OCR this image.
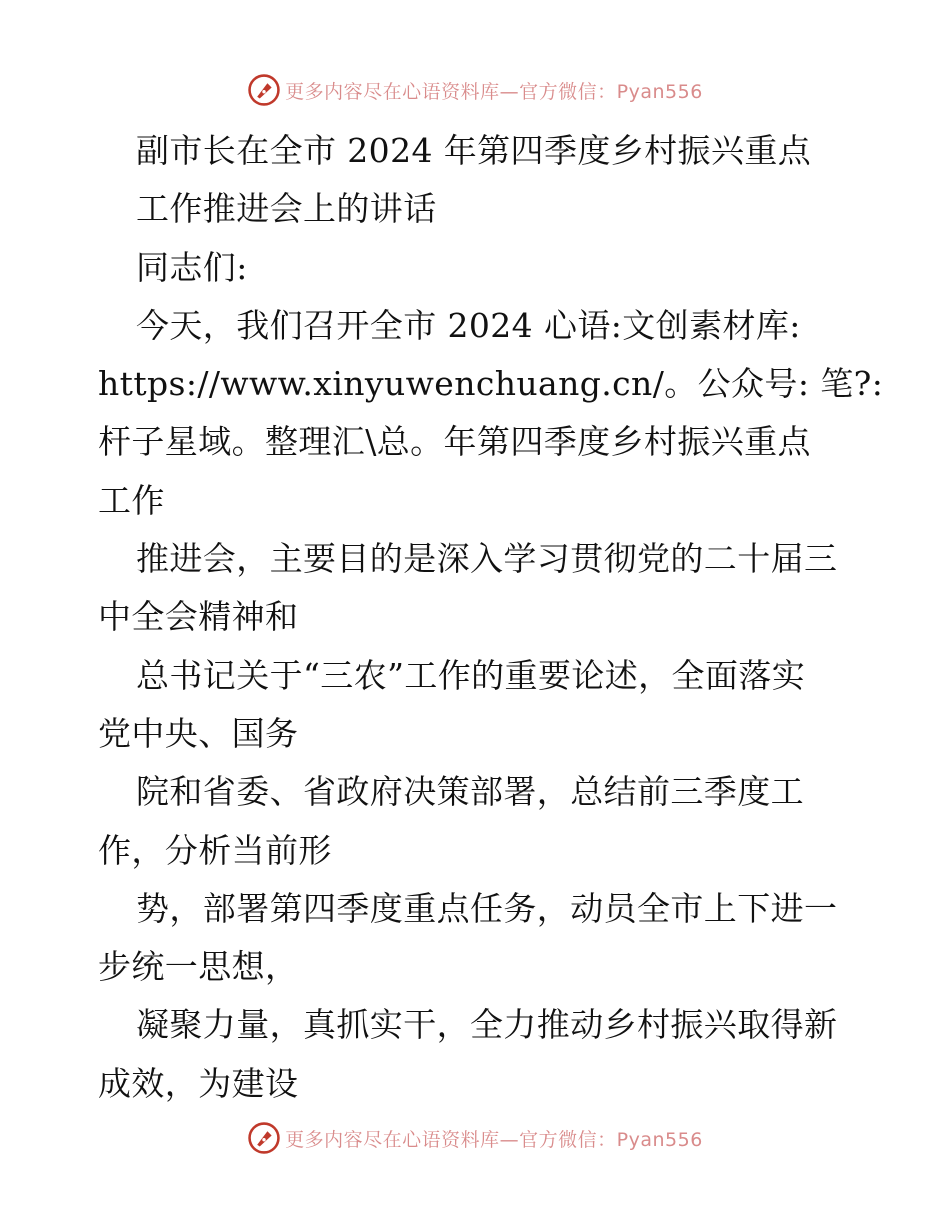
更多内容尽在心语资料库—官方微信：Pyan556
副市长在全市 2024 年第四季度乡村振兴重点
工作推进会上的讲话
同志们:
今天，我们召开全市 2024 心语:文创素材库:
https://www.xinyuwenchuang.cn/。公众号: 笔?:
杆子星域。整理汇\总。年第四季度乡村振兴重点
工作
推进会，主要目的是深入学习贯彻党的二十届三
中全会精神和
总书记关于“三农”工作的重要论述，全面落实
党中央、国务
院和省委、省政府决策部署，总结前三季度工
作，分析当前形
势，部署第四季度重点任务，动员全市上下进一
步统一思想，
凝聚力量，真抓实干，全力推动乡村振兴取得新
成效，为建设
更多内容尽在心语资料库—官方微信：Pyan556
